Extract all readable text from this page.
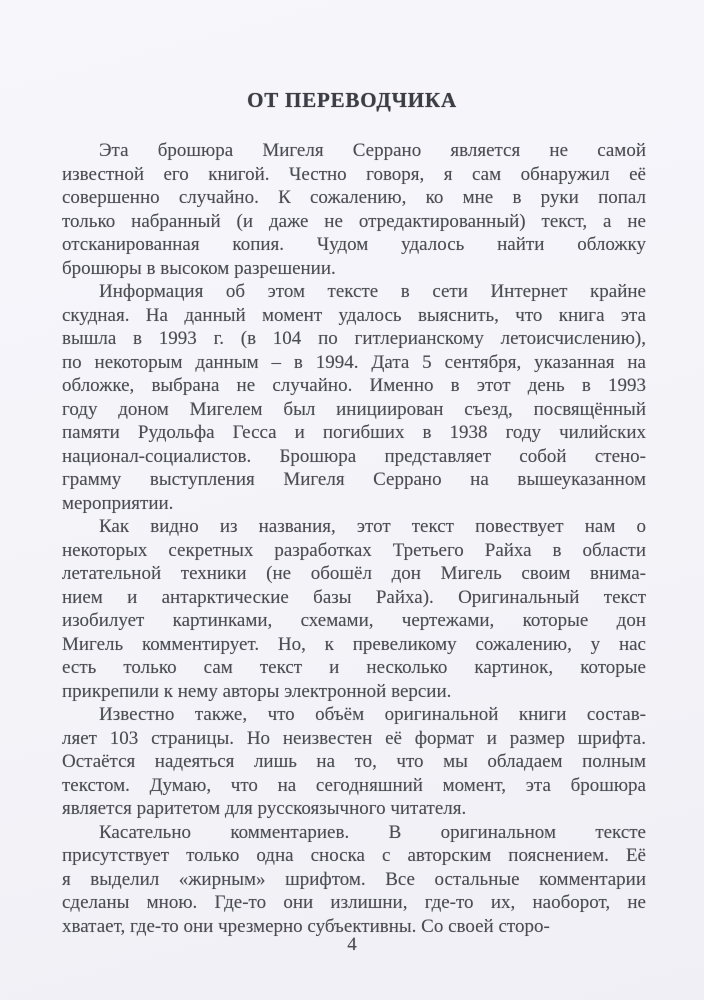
ОТ ПЕРЕВОДЧИКА
Эта брошюра Мигеля Серрано является не самой
известной его книгой. Честно говоря, я сам обнаружил её
совершенно случайно. К сожалению, ко мне в руки попал
только набранный (и даже не отредактированный) текст, а не
отсканированная копия. Чудом удалось найти обложку
брошюры в высоком разрешении.
Информация об этом тексте в сети Интернет крайне
скудная. На данный момент удалось выяснить, что книга эта
вышла в 1993 г. (в 104 по гитлерианскому летоисчислению),
по некоторым данным – в 1994. Дата 5 сентября, указанная на
обложке, выбрана не случайно. Именно в этот день в 1993
году доном Мигелем был инициирован съезд, посвящённый
памяти Рудольфа Гесса и погибших в 1938 году чилийских
национал-социалистов. Брошюра представляет собой стено-
грамму выступления Мигеля Серрано на вышеуказанном
мероприятии.
Как видно из названия, этот текст повествует нам о
некоторых секретных разработках Третьего Райха в области
летательной техники (не обошёл дон Мигель своим внима-
нием и антарктические базы Райха). Оригинальный текст
изобилует картинками, схемами, чертежами, которые дон
Мигель комментирует. Но, к превеликому сожалению, у нас
есть только сам текст и несколько картинок, которые
прикрепили к нему авторы электронной версии.
Известно также, что объём оригинальной книги состав-
ляет 103 страницы. Но неизвестен её формат и размер шрифта.
Остаётся надеяться лишь на то, что мы обладаем полным
текстом. Думаю, что на сегодняшний момент, эта брошюра
является раритетом для русскоязычного читателя.
Касательно комментариев. В оригинальном тексте
присутствует только одна сноска с авторским пояснением. Её
я выделил «жирным» шрифтом. Все остальные комментарии
сделаны мною. Где-то они излишни, где-то их, наоборот, не
хватает, где-то они чрезмерно субъективны. Со своей сторо-
4
